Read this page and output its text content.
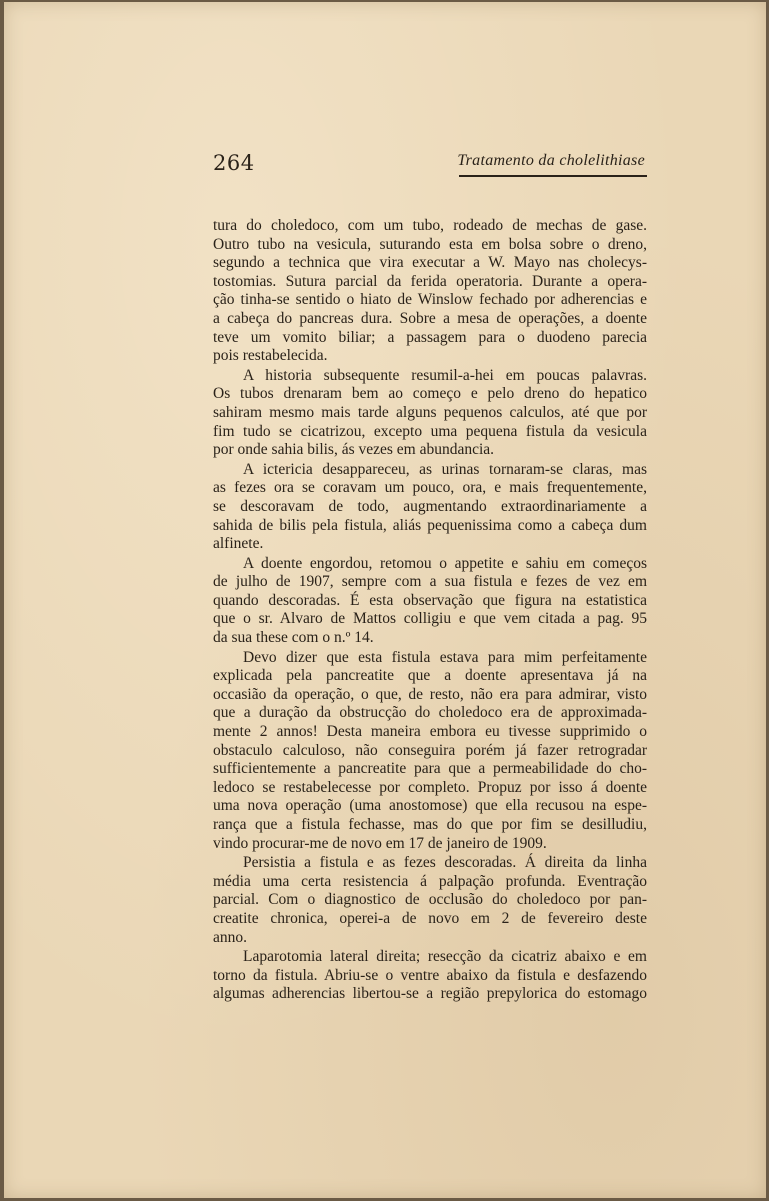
264	Tratamento da cholelithiase
tura do choledoco, com um tubo, rodeado de mechas de gase.
Outro tubo na vesicula, suturando esta em bolsa sobre o dreno,
segundo a technica que vira executar a W. Mayo nas cholecys-
tostomias. Sutura parcial da ferida operatoria. Durante a opera-
ção tinha-se sentido o hiato de Winslow fechado por adherencias e
a cabeça do pancreas dura. Sobre a mesa de operações, a doente
teve um vomito biliar; a passagem para o duodeno parecia
pois restabelecida.
A historia subsequente resumil-a-hei em poucas palavras.
Os tubos drenaram bem ao começo e pelo dreno do hepatico
sahiram mesmo mais tarde alguns pequenos calculos, até que por
fim tudo se cicatrizou, excepto uma pequena fistula da vesicula
por onde sahia bilis, ás vezes em abundancia.
A ictericia desappareceu, as urinas tornaram-se claras, mas
as fezes ora se coravam um pouco, ora, e mais frequentemente,
se descoravam de todo, augmentando extraordinariamente a
sahida de bilis pela fistula, aliás pequenissima como a cabeça dum
alfinete.
A doente engordou, retomou o appetite e sahiu em começos
de julho de 1907, sempre com a sua fistula e fezes de vez em
quando descoradas. É esta observação que figura na estatistica
que o sr. Alvaro de Mattos colligiu e que vem citada a pag. 95
da sua these com o n.º 14.
Devo dizer que esta fistula estava para mim perfeitamente
explicada pela pancreatite que a doente apresentava já na
occasião da operação, o que, de resto, não era para admirar, visto
que a duração da obstrucção do choledoco era de approximada-
mente 2 annos! Desta maneira embora eu tivesse supprimido o
obstaculo calculoso, não conseguira porém já fazer retrogradar
sufficientemente a pancreatite para que a permeabilidade do cho-
ledoco se restabelecesse por completo. Propuz por isso á doente
uma nova operação (uma anostomose) que ella recusou na espe-
rança que a fistula fechasse, mas do que por fim se desilludiu,
vindo procurar-me de novo em 17 de janeiro de 1909.
Persistia a fistula e as fezes descoradas. Á direita da linha
média uma certa resistencia á palpação profunda. Eventração
parcial. Com o diagnostico de occlusão do choledoco por pan-
creatite chronica, operei-a de novo em 2 de fevereiro deste
anno.
Laparotomia lateral direita; resecção da cicatriz abaixo e em
torno da fistula. Abriu-se o ventre abaixo da fistula e desfazendo
algumas adherencias libertou-se a região prepylorica do estomago
